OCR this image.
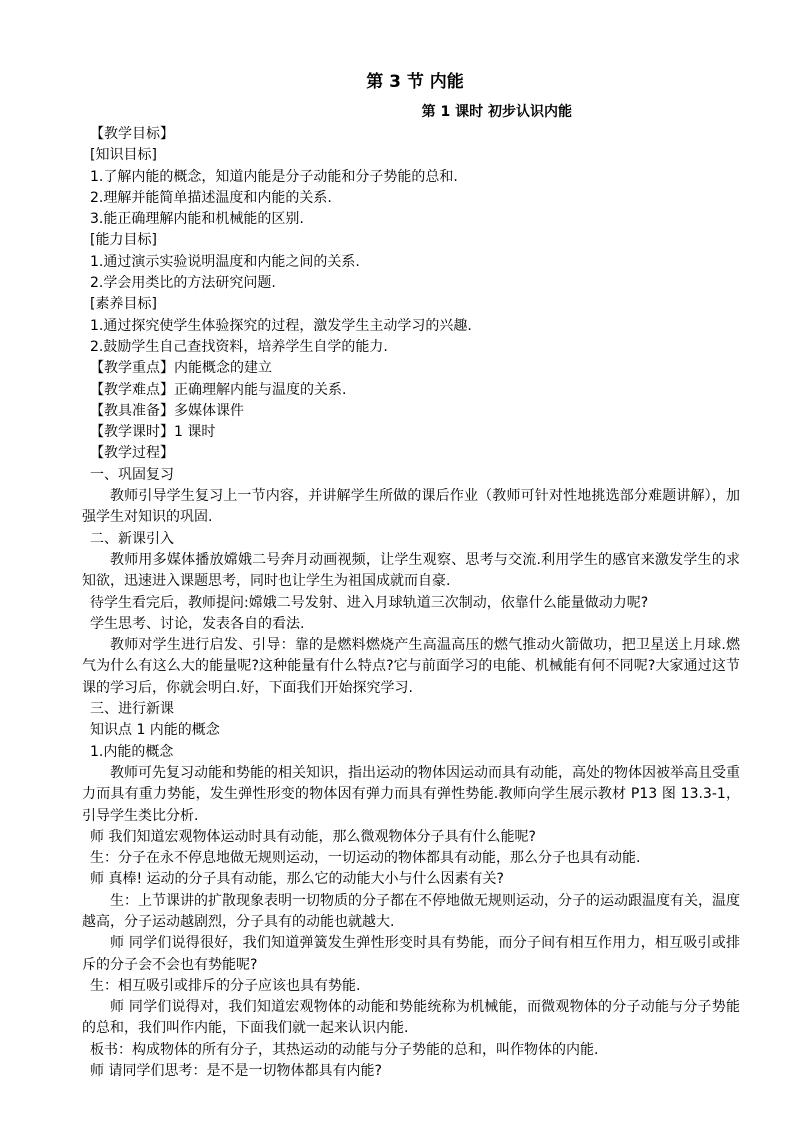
第 3 节 内能
第 1 课时 初步认识内能
【教学目标】
[知识目标]
1.了解内能的概念，知道内能是分子动能和分子势能的总和.
2.理解并能简单描述温度和内能的关系.
3.能正确理解内能和机械能的区别.
[能力目标]
1.通过演示实验说明温度和内能之间的关系.
2.学会用类比的方法研究问题.
[素养目标]
1.通过探究使学生体验探究的过程，激发学生主动学习的兴趣.
2.鼓励学生自己查找资料，培养学生自学的能力.
【教学重点】内能概念的建立
【教学难点】正确理解内能与温度的关系.
【教具准备】多媒体课件
【教学课时】1 课时
【教学过程】
一、巩固复习
教师引导学生复习上一节内容，并讲解学生所做的课后作业（教师可针对性地挑选部分难题讲解），加强学生对知识的巩固.
二、新课引入
教师用多媒体播放嫦娥二号奔月动画视频，让学生观察、思考与交流.利用学生的感官来激发学生的求知欲，迅速进入课题思考，同时也让学生为祖国成就而自豪.
待学生看完后，教师提问:嫦娥二号发射、进入月球轨道三次制动，依靠什么能量做动力呢?
学生思考、讨论，发表各自的看法.
教师对学生进行启发、引导：靠的是燃料燃烧产生高温高压的燃气推动火箭做功，把卫星送上月球.燃气为什么有这么大的能量呢?这种能量有什么特点?它与前面学习的电能、机械能有何不同呢?大家通过这节课的学习后，你就会明白.好，下面我们开始探究学习.
三、进行新课
知识点 1 内能的概念
1.内能的概念
教师可先复习动能和势能的相关知识，指出运动的物体因运动而具有动能，高处的物体因被举高且受重力而具有重力势能，发生弹性形变的物体因有弹力而具有弹性势能.教师向学生展示教材 P13 图 13.3-1，引导学生类比分析.
师 我们知道宏观物体运动时具有动能，那么微观物体分子具有什么能呢?
生：分子在永不停息地做无规则运动，一切运动的物体都具有动能，那么分子也具有动能.
师 真棒! 运动的分子具有动能，那么它的动能大小与什么因素有关?
生：上节课讲的扩散现象表明一切物质的分子都在不停地做无规则运动，分子的运动跟温度有关，温度越高，分子运动越剧烈，分子具有的动能也就越大.
师 同学们说得很好，我们知道弹簧发生弹性形变时具有势能，而分子间有相互作用力，相互吸引或排斥的分子会不会也有势能呢?
生：相互吸引或排斥的分子应该也具有势能.
师 同学们说得对，我们知道宏观物体的动能和势能统称为机械能，而微观物体的分子动能与分子势能的总和，我们叫作内能，下面我们就一起来认识内能.
板书：构成物体的所有分子，其热运动的动能与分子势能的总和，叫作物体的内能.
师 请同学们思考：是不是一切物体都具有内能?
